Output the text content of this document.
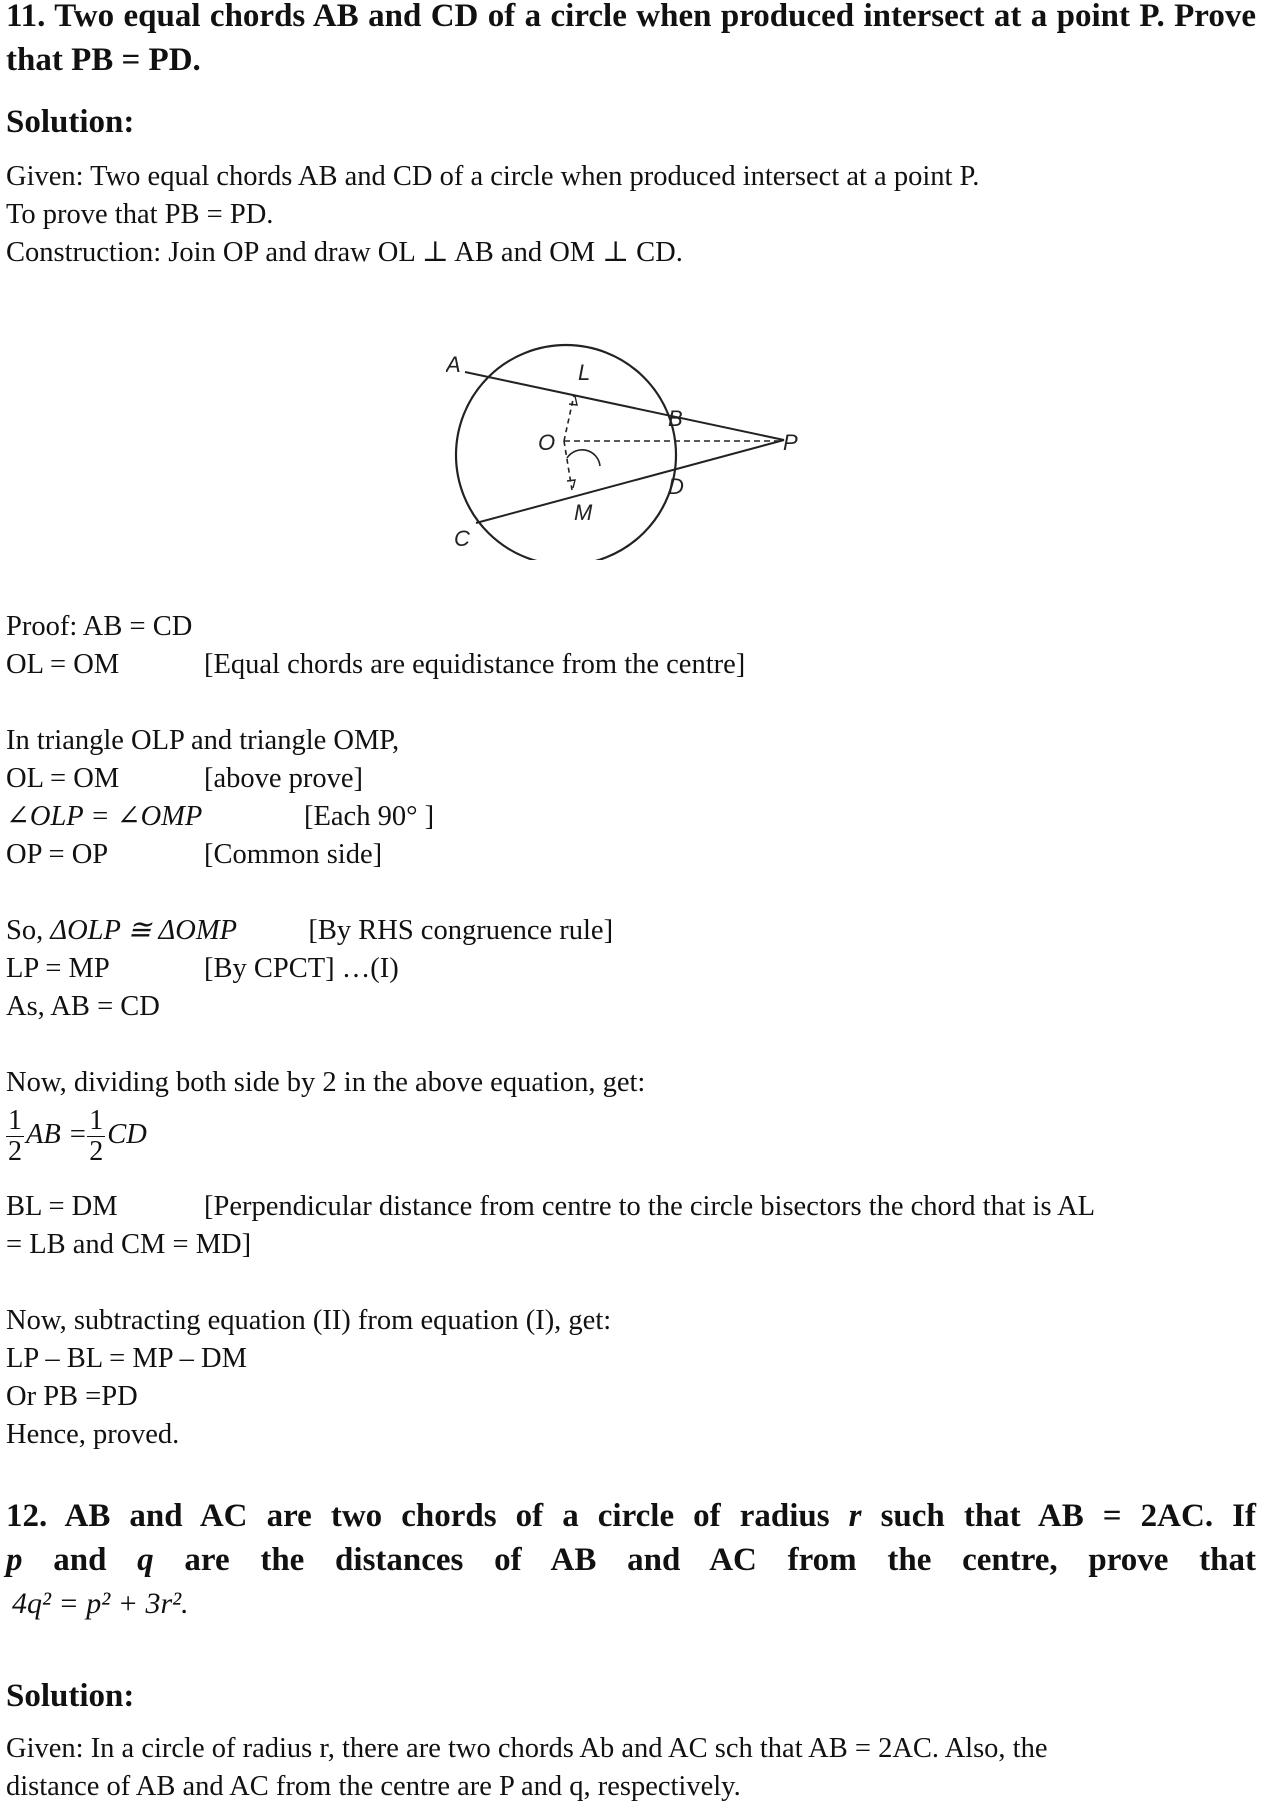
11. Two equal chords AB and CD of a circle when produced intersect at a point P. Prove that PB = PD.

Solution:

Given: Two equal chords AB and CD of a circle when produced intersect at a point P.

To prove that PB = PD.

Construction: Join OP and draw OL ⊥ AB and OM ⊥ CD.

A	L
B
O	P
D
M
C

Proof: AB = CD

OL = OM	[Equal chords are equidistance from the centre]

In triangle OLP and triangle OMP,

OL = OM	[above prove]

∠OLP = ∠OMP	[Each 90° ]

OP = OP	[Common side]

So, ΔOLP ≅ ΔOMP	[By RHS congruence rule]

LP = MP	[By CPCT] …(I)

As, AB = CD

Now, dividing both side by 2 in the above equation, get:

$\frac{1}{2}$ AB = $\frac{1}{2}$ CD

BL = DM	[Perpendicular distance from centre to the circle bisectors the chord that is AL

= LB and CM = MD]

Now, subtracting equation (II) from equation (I), get:

LP – BL = MP – DM

Or PB =PD

Hence, proved.

12. AB and AC are two chords of a circle of radius r such that AB = 2AC. If
p and q are the distances of AB and AC from the centre, prove that
4q² = p² + 3r².

Solution:

Given: In a circle of radius r, there are two chords Ab and AC sch that AB = 2AC. Also, the

distance of AB and AC from the centre are P and q, respectively.
